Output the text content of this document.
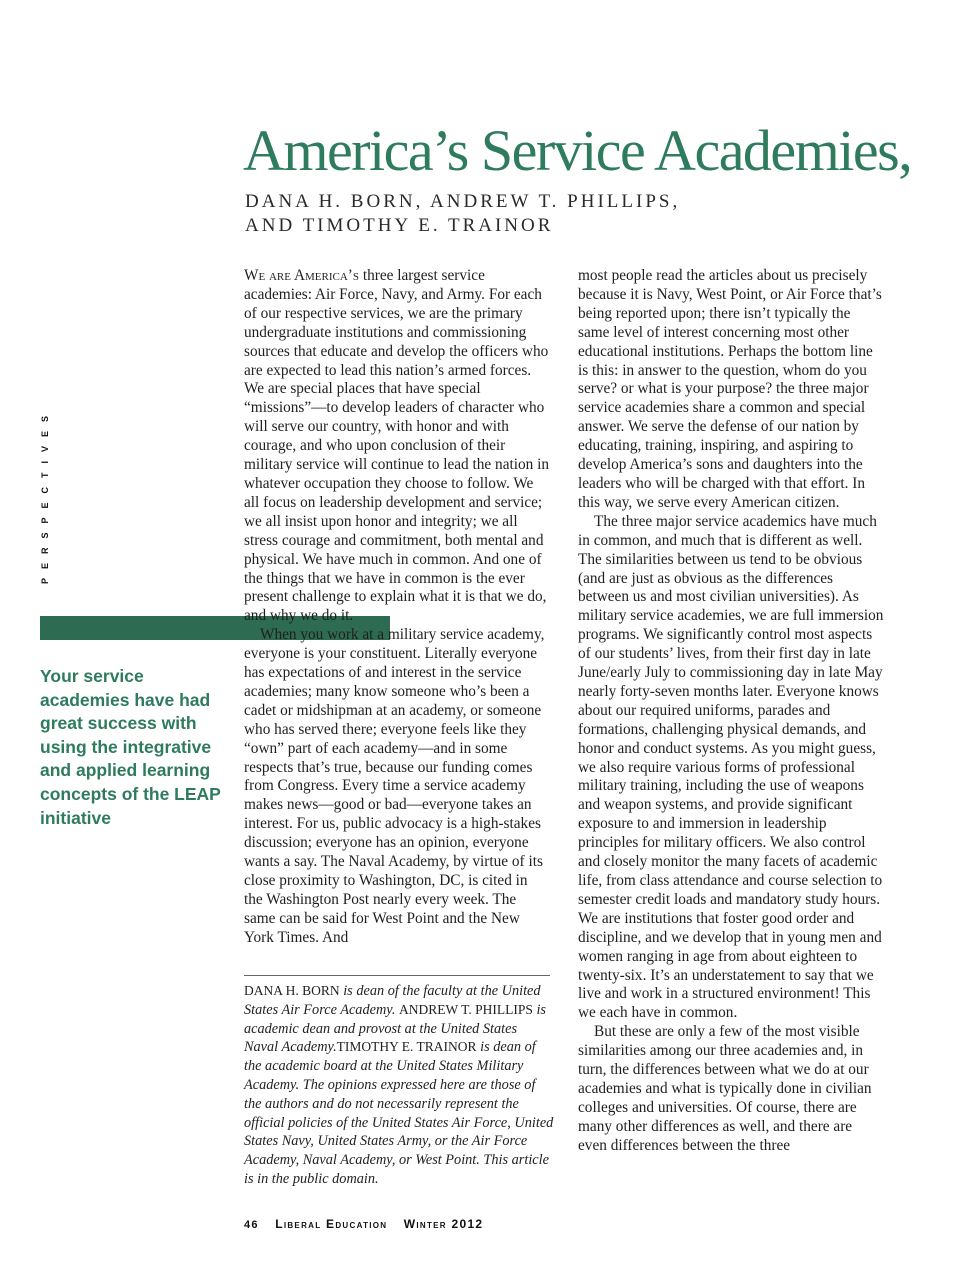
America’s Service Academies,
DANA H. BORN, ANDREW T. PHILLIPS,
AND TIMOTHY E. TRAINOR
PERSPECTIVES
Your service academies have had great success with using the integrative and applied learning concepts of the LEAP initiative

We are America’s three largest service academies: Air Force, Navy, and Army. For each of our respective services, we are the primary undergraduate institutions and commissioning sources that educate and develop the officers who are expected to lead this nation’s armed forces. We are special places that have special “missions”—to develop leaders of character who will serve our country, with honor and with courage, and who upon conclusion of their military service will continue to lead the nation in whatever occupation they choose to follow. We all focus on leadership development and service; we all insist upon honor and integrity; we all stress courage and commitment, both mental and physical. We have much in common. And one of the things that we have in common is the ever present challenge to explain what it is that we do, and why we do it.

When you work at a military service academy, everyone is your constituent. Literally everyone has expectations of and interest in the service academies; many know someone who’s been a cadet or midshipman at an academy, or someone who has served there; everyone feels like they “own” part of each academy—and in some respects that’s true, because our funding comes from Congress. Every time a service academy makes news—good or bad—everyone takes an interest. For us, public advocacy is a high-stakes discussion; everyone has an opinion, everyone wants a say. The Naval Academy, by virtue of its close proximity to Washington, DC, is cited in the Washington Post nearly every week. The same can be said for West Point and the New York Times. And

most people read the articles about us precisely because it is Navy, West Point, or Air Force that’s being reported upon; there isn’t typically the same level of interest concerning most other educational institutions. Perhaps the bottom line is this: in answer to the question, whom do you serve? or what is your purpose? the three major service academies share a common and special answer. We serve the defense of our nation by educating, training, inspiring, and aspiring to develop America’s sons and daughters into the leaders who will be charged with that effort. In this way, we serve every American citizen.

The three major service academics have much in common, and much that is different as well. The similarities between us tend to be obvious (and are just as obvious as the differences between us and most civilian universities). As military service academies, we are full immersion programs. We significantly control most aspects of our students’ lives, from their first day in late June/early July to commissioning day in late May nearly forty-seven months later. Everyone knows about our required uniforms, parades and formations, challenging physical demands, and honor and conduct systems. As you might guess, we also require various forms of professional military training, including the use of weapons and weapon systems, and provide significant exposure to and immersion in leadership principles for military officers. We also control and closely monitor the many facets of academic life, from class attendance and course selection to semester credit loads and mandatory study hours. We are institutions that foster good order and discipline, and we develop that in young men and women ranging in age from about eighteen to twenty-six. It’s an understatement to say that we live and work in a structured environment! This we each have in common.

But these are only a few of the most visible similarities among our three academies and, in turn, the differences between what we do at our academies and what is typically done in civilian colleges and universities. Of course, there are many other differences as well, and there are even differences between the three

DANA H. BORN is dean of the faculty at the United States Air Force Academy. ANDREW T. PHILLIPS is academic dean and provost at the United States Naval Academy.TIMOTHY E. TRAINOR is dean of the academic board at the United States Military Academy. The opinions expressed here are those of the authors and do not necessarily represent the official policies of the United States Air Force, United States Navy, United States Army, or the Air Force Academy, Naval Academy, or West Point. This article is in the public domain.
46 Liberal Education Winter 2012
